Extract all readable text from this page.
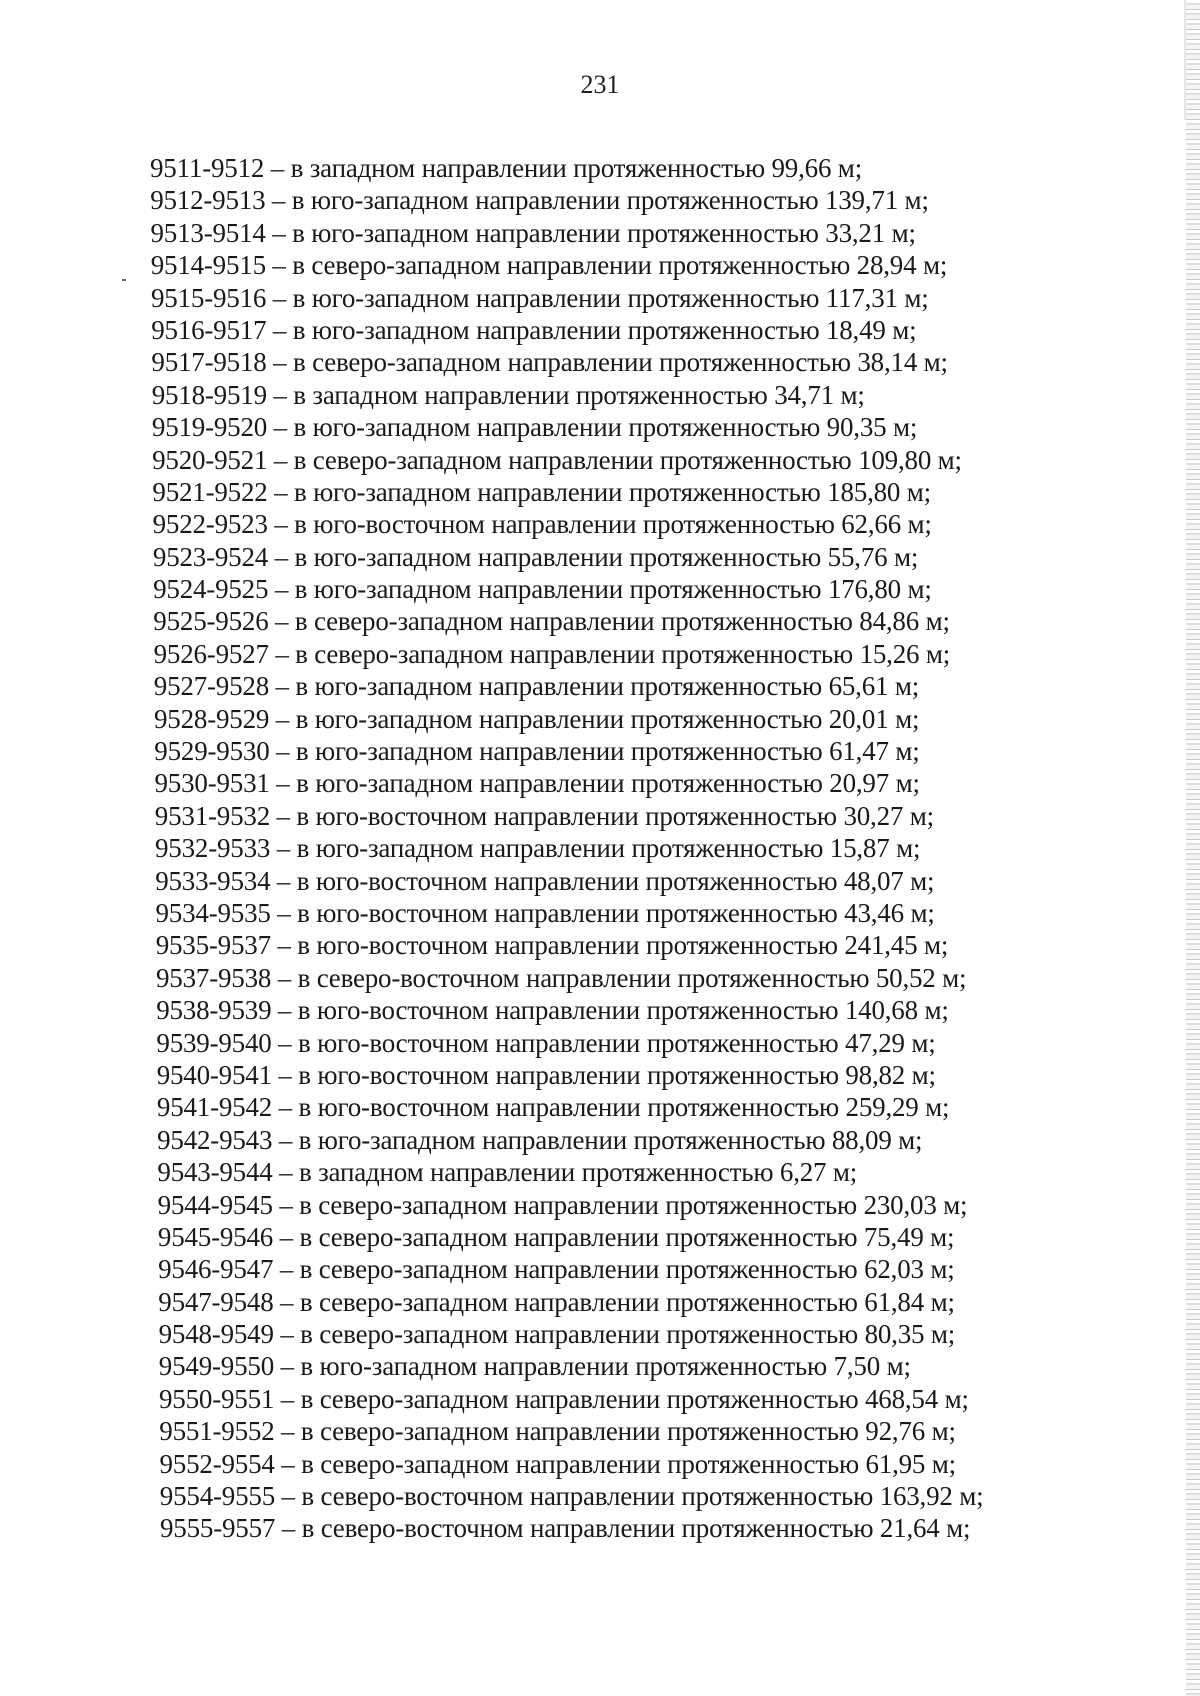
231
9511-9512 – в западном направлении протяженностью 99,66 м;
9512-9513 – в юго-западном направлении протяженностью 139,71 м;
9513-9514 – в юго-западном направлении протяженностью 33,21 м;
9514-9515 – в северо-западном направлении протяженностью 28,94 м;
9515-9516 – в юго-западном направлении протяженностью 117,31 м;
9516-9517 – в юго-западном направлении протяженностью 18,49 м;
9517-9518 – в северо-западном направлении протяженностью 38,14 м;
9518-9519 – в западном направлении протяженностью 34,71 м;
9519-9520 – в юго-западном направлении протяженностью 90,35 м;
9520-9521 – в северо-западном направлении протяженностью 109,80 м;
9521-9522 – в юго-западном направлении протяженностью 185,80 м;
9522-9523 – в юго-восточном направлении протяженностью 62,66 м;
9523-9524 – в юго-западном направлении протяженностью 55,76 м;
9524-9525 – в юго-западном направлении протяженностью 176,80 м;
9525-9526 – в северо-западном направлении протяженностью 84,86 м;
9526-9527 – в северо-западном направлении протяженностью 15,26 м;
9527-9528 – в юго-западном направлении протяженностью 65,61 м;
9528-9529 – в юго-западном направлении протяженностью 20,01 м;
9529-9530 – в юго-западном направлении протяженностью 61,47 м;
9530-9531 – в юго-западном направлении протяженностью 20,97 м;
9531-9532 – в юго-восточном направлении протяженностью 30,27 м;
9532-9533 – в юго-западном направлении протяженностью 15,87 м;
9533-9534 – в юго-восточном направлении протяженностью 48,07 м;
9534-9535 – в юго-восточном направлении протяженностью 43,46 м;
9535-9537 – в юго-восточном направлении протяженностью 241,45 м;
9537-9538 – в северо-восточном направлении протяженностью 50,52 м;
9538-9539 – в юго-восточном направлении протяженностью 140,68 м;
9539-9540 – в юго-восточном направлении протяженностью 47,29 м;
9540-9541 – в юго-восточном направлении протяженностью 98,82 м;
9541-9542 – в юго-восточном направлении протяженностью 259,29 м;
9542-9543 – в юго-западном направлении протяженностью 88,09 м;
9543-9544 – в западном направлении протяженностью 6,27 м;
9544-9545 – в северо-западном направлении протяженностью 230,03 м;
9545-9546 – в северо-западном направлении протяженностью 75,49 м;
9546-9547 – в северо-западном направлении протяженностью 62,03 м;
9547-9548 – в северо-западном направлении протяженностью 61,84 м;
9548-9549 – в северо-западном направлении протяженностью 80,35 м;
9549-9550 – в юго-западном направлении протяженностью 7,50 м;
9550-9551 – в северо-западном направлении протяженностью 468,54 м;
9551-9552 – в северо-западном направлении протяженностью 92,76 м;
9552-9554 – в северо-западном направлении протяженностью 61,95 м;
9554-9555 – в северо-восточном направлении протяженностью 163,92 м;
9555-9557 – в северо-восточном направлении протяженностью 21,64 м;
